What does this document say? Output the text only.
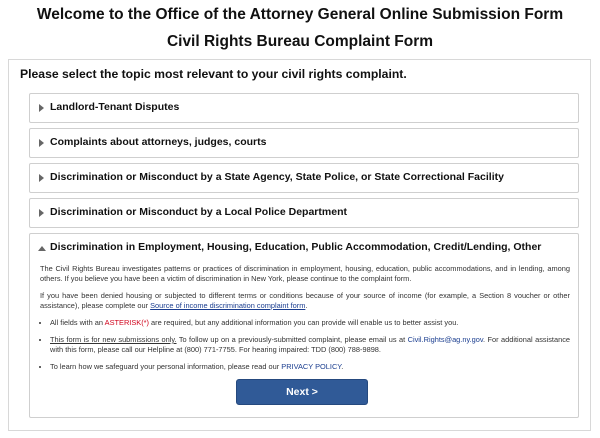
Welcome to the Office of the Attorney General Online Submission Form
Civil Rights Bureau Complaint Form
Please select the topic most relevant to your civil rights complaint.
Landlord-Tenant Disputes
Complaints about attorneys, judges, courts
Discrimination or Misconduct by a State Agency, State Police, or State Correctional Facility
Discrimination or Misconduct by a Local Police Department
Discrimination in Employment, Housing, Education, Public Accommodation, Credit/Lending, Other

The Civil Rights Bureau investigates patterns or practices of discrimination in employment, housing, education, public accommodations, and in lending, among others. If you believe you have been a victim of discrimination in New York, please continue to the complaint form.

If you have been denied housing or subjected to different terms or conditions because of your source of income (for example, a Section 8 voucher or other assistance), please complete our Source of income discrimination complaint form.

• All fields with an ASTERISK(*) are required, but any additional information you can provide will enable us to better assist you.
• This form is for new submissions only. To follow up on a previously-submitted complaint, please email us at Civil.Rights@ag.ny.gov. For additional assistance with this form, please call our Helpline at (800) 771-7755. For hearing impaired: TDD (800) 788-9898.
• To learn how we safeguard your personal information, please read our PRIVACY POLICY.
Next >
